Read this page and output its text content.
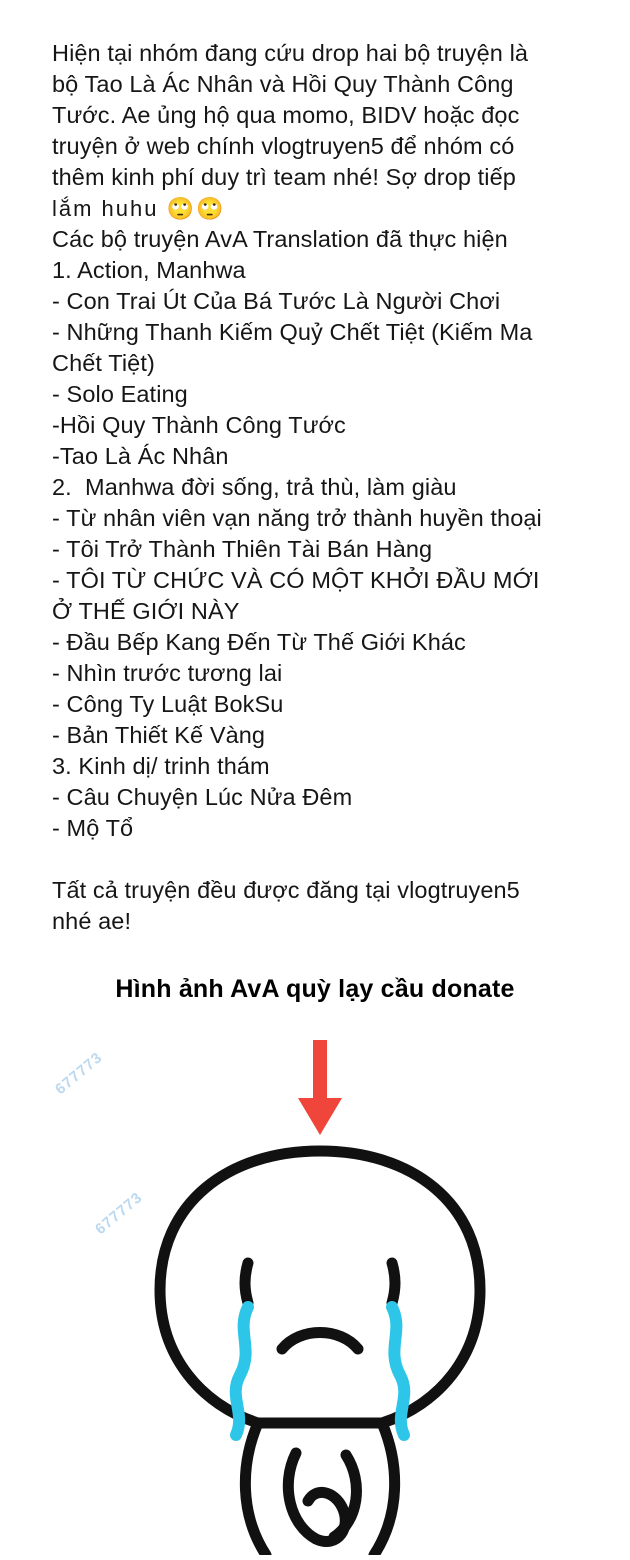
Hiện tại nhóm đang cứu drop hai bộ truyện là
bộ Tao Là Ác Nhân và Hồi Quy Thành Công
Tước. Ae ủng hộ qua momo, BIDV hoặc đọc
truyện ở web chính vlogtruyen5 để nhóm có
thêm kinh phí duy trì team nhé! Sợ drop tiếp
lắm huhu 🙄🙄
Các bộ truyện AvA Translation đã thực hiện
1. Action, Manhwa
- Con Trai Út Của Bá Tước Là Người Chơi
- Những Thanh Kiếm Quỷ Chết Tiệt (Kiếm Ma
Chết Tiệt)
- Solo Eating
-Hồi Quy Thành Công Tước
-Tao Là Ác Nhân
2.  Manhwa đời sống, trả thù, làm giàu
- Từ nhân viên vạn năng trở thành huyền thoại
- Tôi Trở Thành Thiên Tài Bán Hàng
- TÔI TỪ CHỨC VÀ CÓ MỘT KHỞI ĐẦU MỚI
Ở THẾ GIỚI NÀY
- Đầu Bếp Kang Đến Từ Thế Giới Khác
- Nhìn trước tương lai
- Công Ty Luật BokSu
- Bản Thiết Kế Vàng
3. Kinh dị/ trinh thám
- Câu Chuyện Lúc Nửa Đêm
- Mộ Tổ
Tất cả truyện đều được đăng tại vlogtruyen5
nhé ae!
Hình ảnh AvA quỳ lạy cầu donate
677773
677773
